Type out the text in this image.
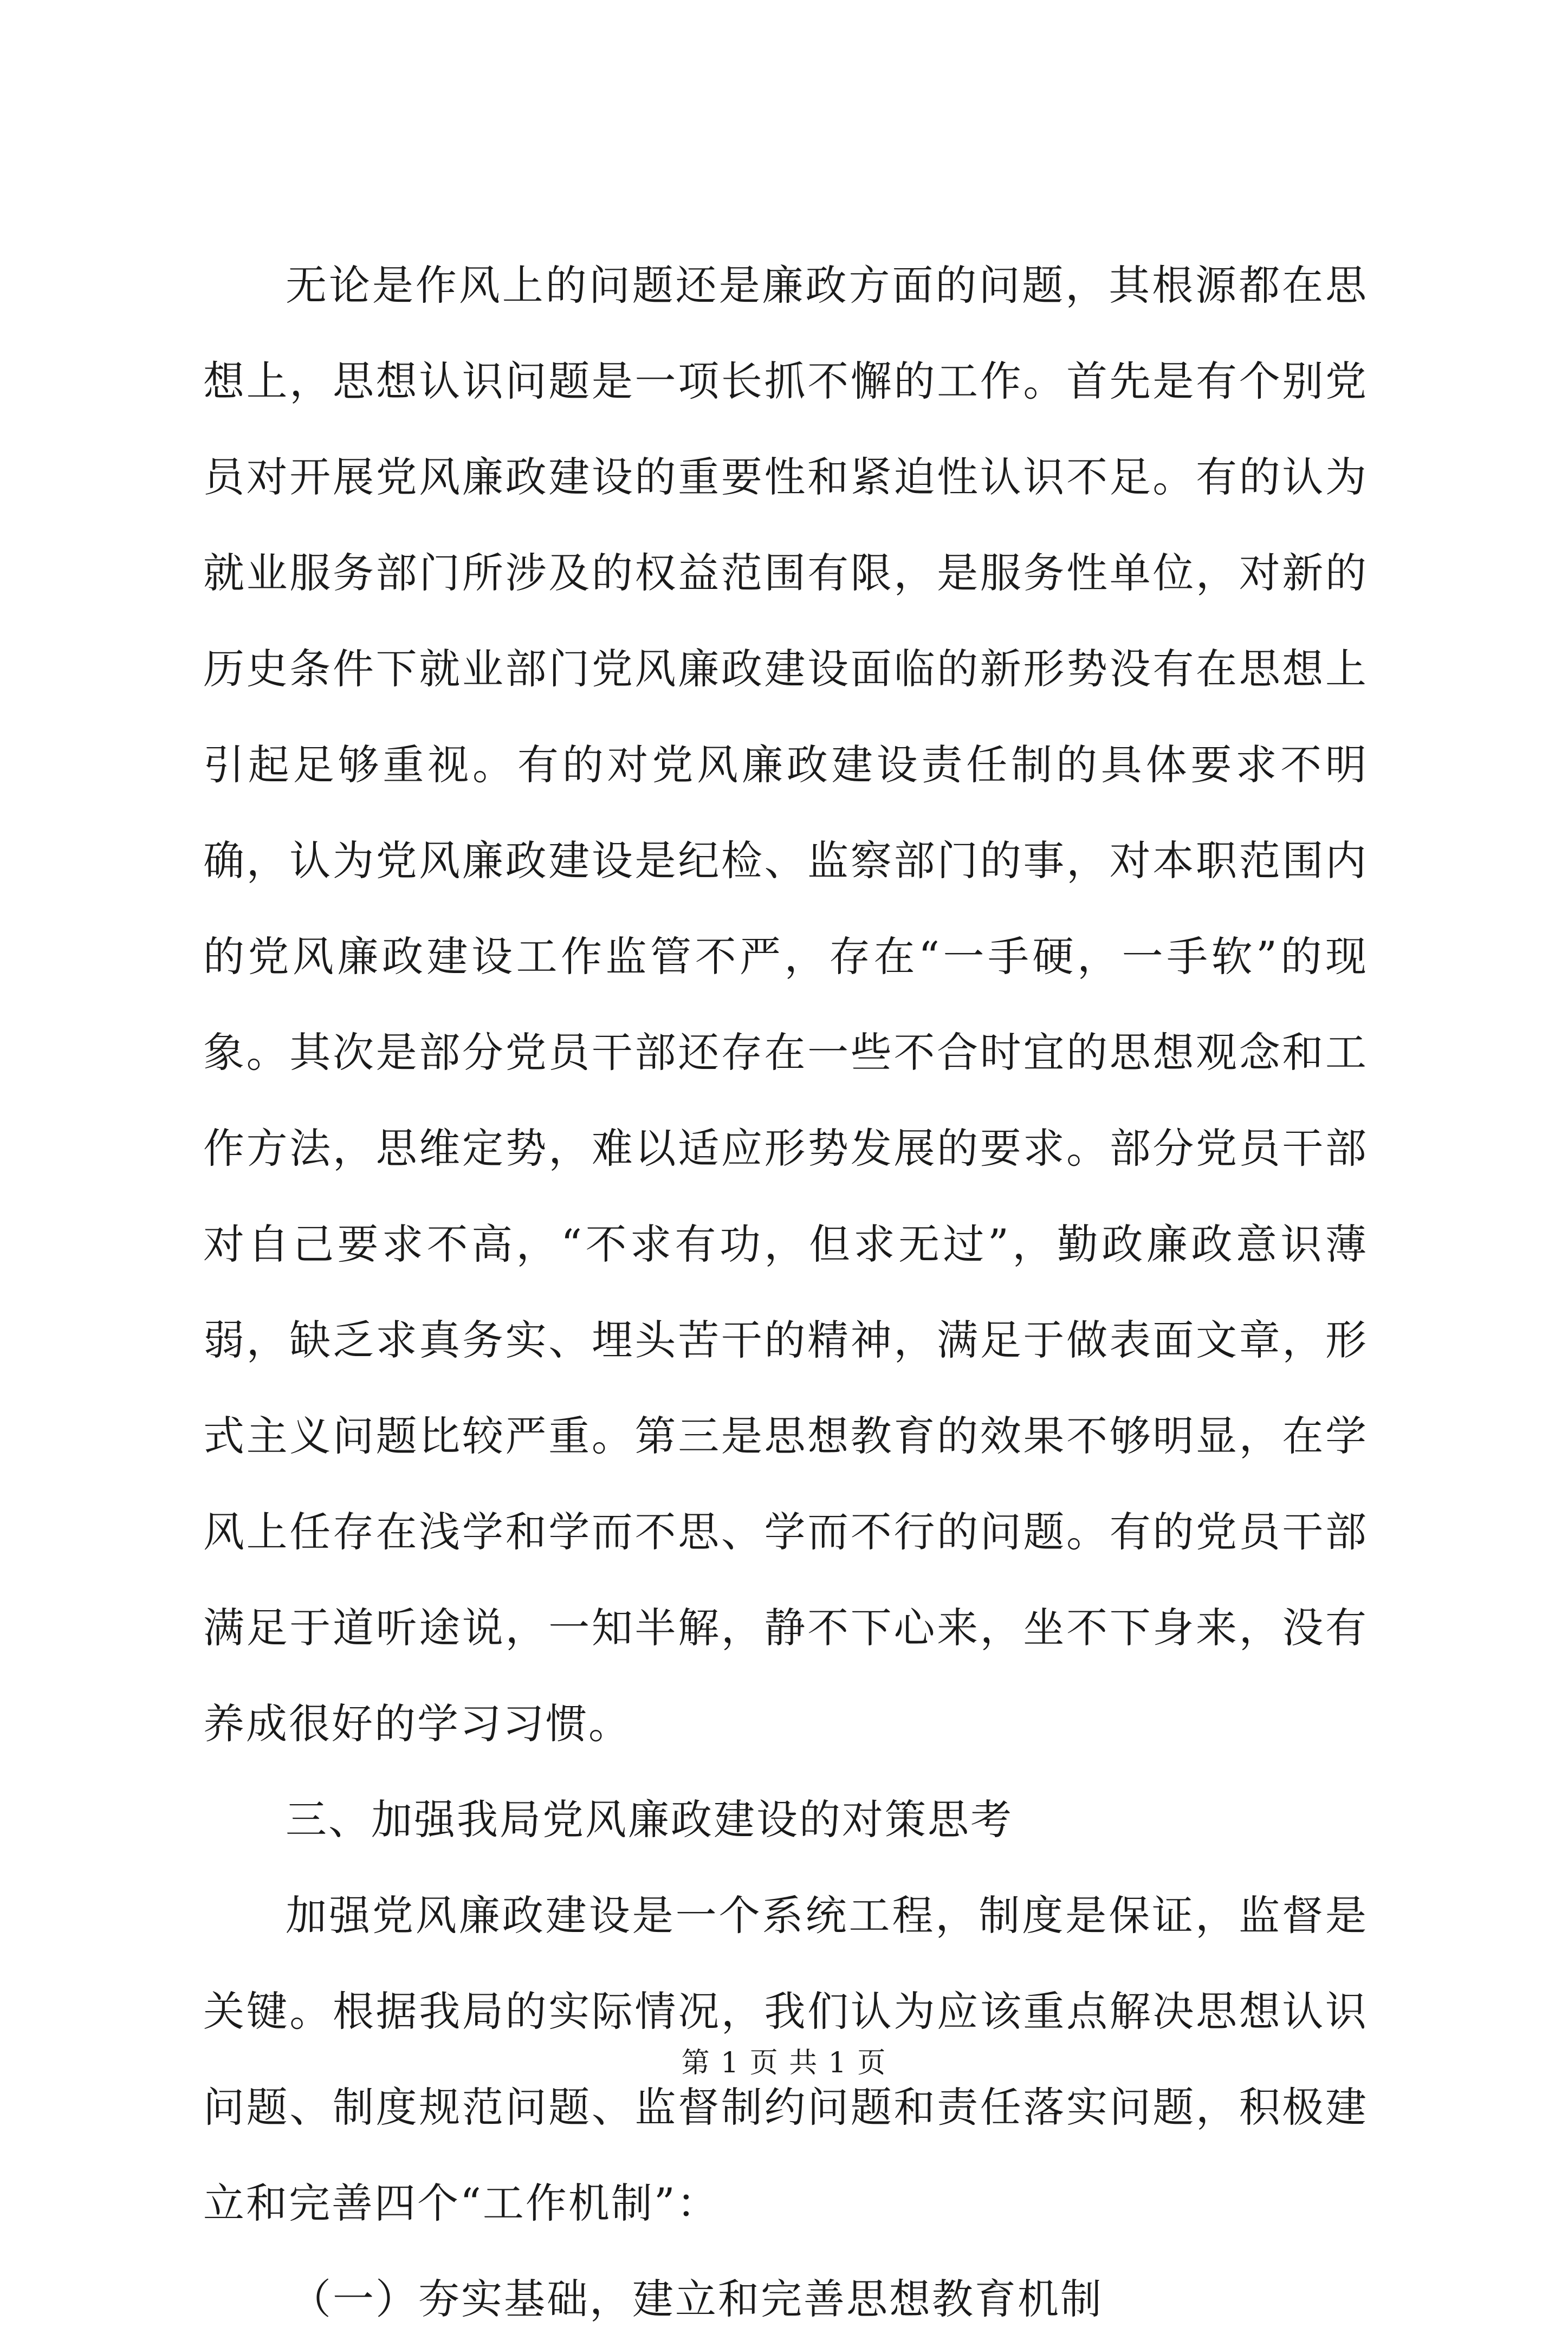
无论是作风上的问题还是廉政方面的问题，其根源都在思想上，思想认识问题是一项长抓不懈的工作。首先是有个别党员对开展党风廉政建设的重要性和紧迫性认识不足。有的认为就业服务部门所涉及的权益范围有限，是服务性单位，对新的历史条件下就业部门党风廉政建设面临的新形势没有在思想上引起足够重视。有的对党风廉政建设责任制的具体要求不明确，认为党风廉政建设是纪检、监察部门的事，对本职范围内的党风廉政建设工作监管不严，存在“一手硬，一手软”的现象。其次是部分党员干部还存在一些不合时宜的思想观念和工作方法，思维定势，难以适应形势发展的要求。部分党员干部对自己要求不高，“不求有功，但求无过”，勤政廉政意识薄弱，缺乏求真务实、埋头苦干的精神，满足于做表面文章，形式主义问题比较严重。第三是思想教育的效果不够明显，在学风上任存在浅学和学而不思、学而不行的问题。有的党员干部满足于道听途说，一知半解，静不下心来，坐不下身来，没有养成很好的学习习惯。

三、加强我局党风廉政建设的对策思考

加强党风廉政建设是一个系统工程，制度是保证，监督是关键。根据我局的实际情况，我们认为应该重点解决思想认识问题、制度规范问题、监督制约问题和责任落实问题，积极建立和完善四个“工作机制”：

（一）夯实基础，建立和完善思想教育机制

第 1 页 共 1 页
